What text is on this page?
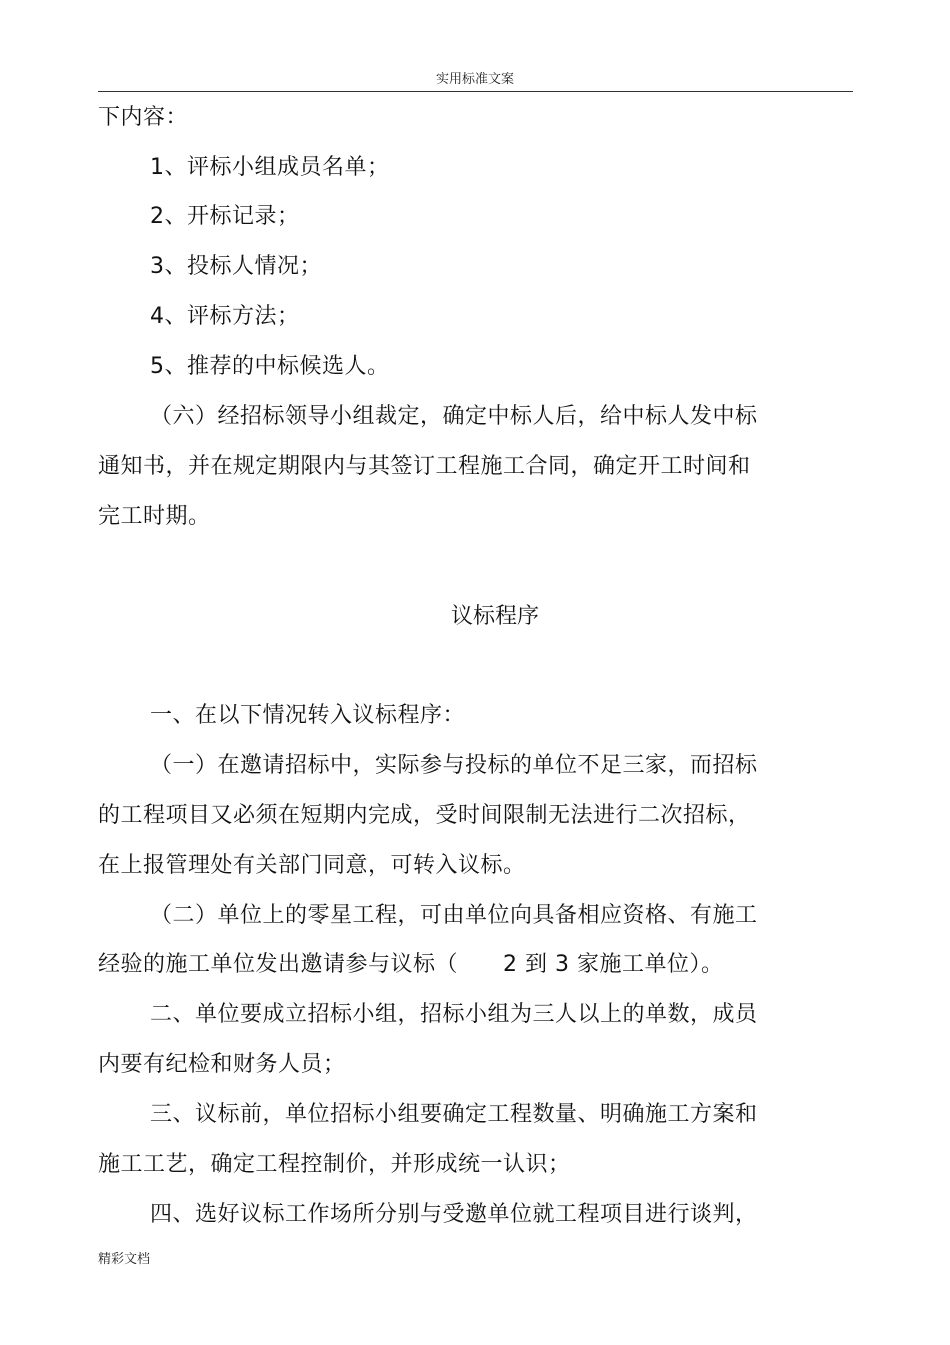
实用标准文案
下内容：
1、评标小组成员名单；
2、开标记录；
3、投标人情况；
4、评标方法；
5、推荐的中标候选人。
（六）经招标领导小组裁定，确定中标人后，给中标人发中标
通知书，并在规定期限内与其签订工程施工合同，确定开工时间和
完工时期。
议标程序
一、在以下情况转入议标程序：
（一）在邀请招标中，实际参与投标的单位不足三家，而招标
的工程项目又必须在短期内完成，受时间限制无法进行二次招标，
在上报管理处有关部门同意，可转入议标。
（二）单位上的零星工程，可由单位向具备相应资格、有施工
经验的施工单位发出邀请参与议标（　　2 到 3 家施工单位）。
二、单位要成立招标小组，招标小组为三人以上的单数，成员
内要有纪检和财务人员；
三、议标前，单位招标小组要确定工程数量、明确施工方案和
施工工艺，确定工程控制价，并形成统一认识；
四、选好议标工作场所分别与受邀单位就工程项目进行谈判，
精彩文档
